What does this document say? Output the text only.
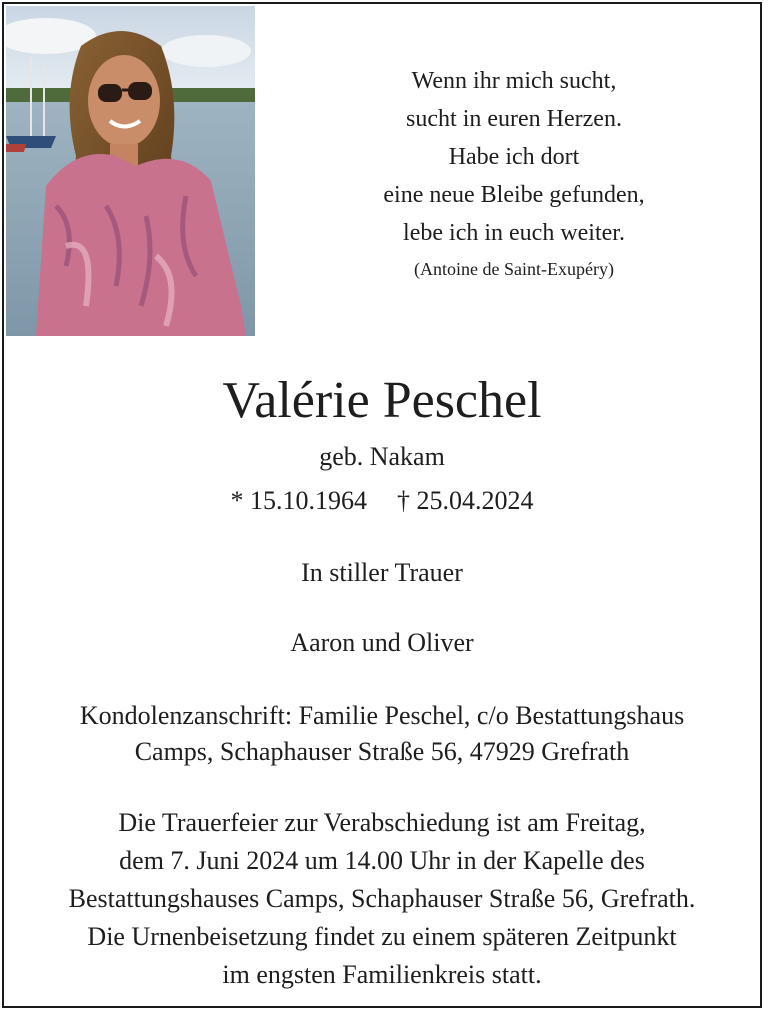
Wenn ihr mich sucht,
sucht in euren Herzen.
Habe ich dort
eine neue Bleibe gefunden,
lebe ich in euch weiter.
(Antoine de Saint-Exupéry)
Valérie Peschel
geb. Nakam
* 15.10.1964 † 25.04.2024
In stiller Trauer
Aaron und Oliver
Kondolenzanschrift: Familie Peschel, c/o Bestattungshaus
Camps, Schaphauser Straße 56, 47929 Grefrath
Die Trauerfeier zur Verabschiedung ist am Freitag,
dem 7. Juni 2024 um 14.00 Uhr in der Kapelle des
Bestattungshauses Camps, Schaphauser Straße 56, Grefrath.
Die Urnenbeisetzung findet zu einem späteren Zeitpunkt
im engsten Familienkreis statt.
